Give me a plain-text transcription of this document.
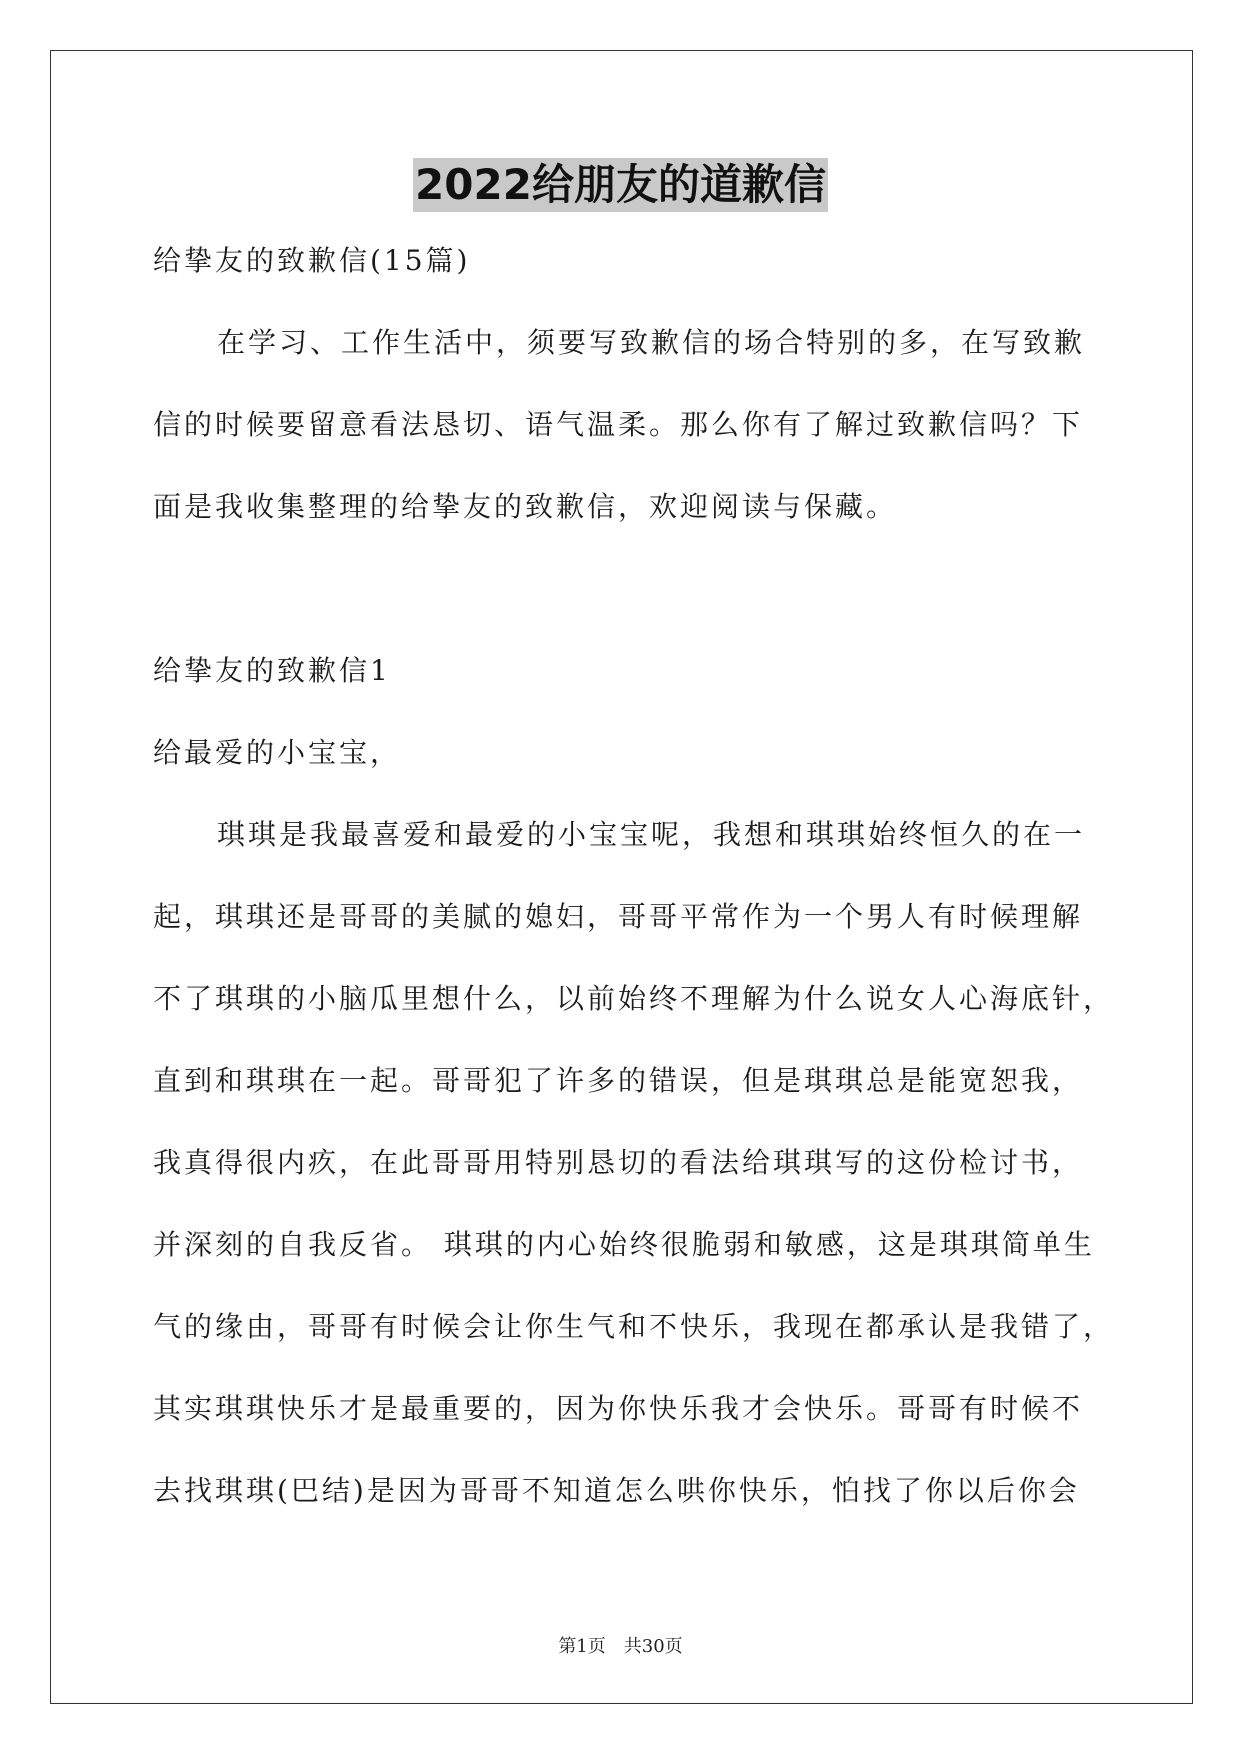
2022给朋友的道歉信
给挚友的致歉信(15篇)
在学习、工作生活中，须要写致歉信的场合特别的多，在写致歉
信的时候要留意看法恳切、语气温柔。那么你有了解过致歉信吗？下
面是我收集整理的给挚友的致歉信，欢迎阅读与保藏。
给挚友的致歉信1
给最爱的小宝宝，
琪琪是我最喜爱和最爱的小宝宝呢，我想和琪琪始终恒久的在一
起，琪琪还是哥哥的美腻的媳妇，哥哥平常作为一个男人有时候理解
不了琪琪的小脑瓜里想什么，以前始终不理解为什么说女人心海底针，
直到和琪琪在一起。哥哥犯了许多的错误，但是琪琪总是能宽恕我，
我真得很内疚，在此哥哥用特别恳切的看法给琪琪写的这份检讨书，
并深刻的自我反省。 琪琪的内心始终很脆弱和敏感，这是琪琪简单生
气的缘由，哥哥有时候会让你生气和不快乐，我现在都承认是我错了，
其实琪琪快乐才是最重要的，因为你快乐我才会快乐。哥哥有时候不
去找琪琪(巴结)是因为哥哥不知道怎么哄你快乐，怕找了你以后你会
第1页　共30页
